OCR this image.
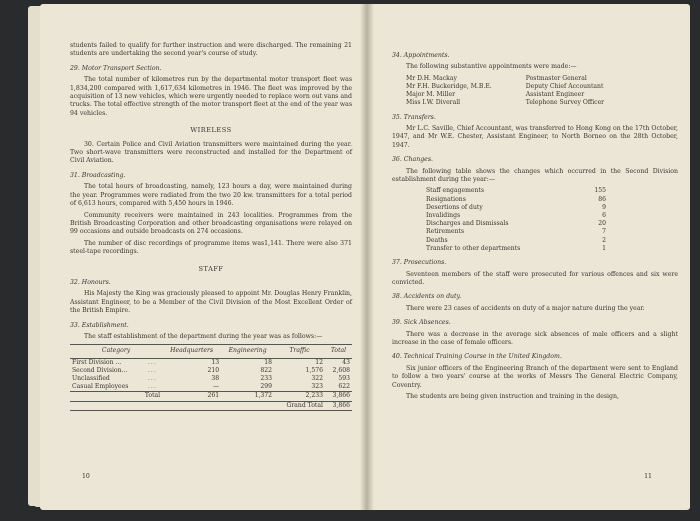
students failed to qualify for further instruction and were discharged. The remaining 21 students are undertaking the second year's course of study.

29. Motor Transport Section.

The total number of kilometres run by the departmental motor transport fleet was 1,834,200 compared with 1,617,634 kilometres in 1946. The fleet was improved by the acquisition of 13 new vehicles, which were urgently needed to replace worn out vans and trucks. The total effective strength of the motor transport fleet at the end of the year was 94 vehicles.

WIRELESS

30. Certain Police and Civil Aviation transmitters were maintained during the year. Two short-wave transmitters were reconstructed and installed for the Department of Civil Aviation.

31. Broadcasting.

The total hours of broadcasting, namely, 123 hours a day, were maintained during the year. Programmes were radiated from the two 20 kw. transmitters for a total period of 6,613 hours, compared with 5,450 hours in 1946.

Community receivers were maintained in 243 localities. Programmes from the British Broadcasting Corporation and other broadcasting organisations were relayed on 99 occasions and outside broadcasts on 274 occasions.

The number of disc recordings of programme items was1,141. There were also 371 steel-tape recordings.

STAFF
32. Honours.

His Majesty the King was graciously pleased to appoint Mr. Douglas Henry Franklin, Assistant Engineer, to be a Member of the Civil Division of the Most Excellent Order of the British Empire.

33. Establishment.

The staff establishment of the department during the year was as follows:—

Category		Headquarters	Engineering	Traffic	Total
First Division ...	...	13	18	12	43
Second Division...	...	210	822	1,576	2,608
Unclassified	...	38	233	322	593
Casual Employees	...	—	299	323	622
Total		261	1,372	2,233	3,866
				Grand Total	3,866
10
34. Appointments.

The following substantive appointments were made:—

Mr D.H. Mackay	Postmaster General
Mr F.H. Buckeridge, M.B.E.	Deputy Chief Accountant
Major M. Miller	Assistant Engineer
Miss I.W. Diverall	Telephone Survey Officer
35. Transfers.

Mr L.C. Saville, Chief Accountant, was transferred to Hong Kong on the 17th October, 1947, and Mr W.E. Chester, Assistant Engineer, to North Borneo on the 28th October, 1947.

36. Changes.

The following table shows the changes which occurred in the Second Division establishment during the year:—

Staff engagements	155
Resignations	86
Desertions of duty	9
Invalidings	6
Discharges and Dismissals	20
Retirements	7
Deaths	2
Transfer to other departments	1
37. Prosecutions.

Seventeen members of the staff were prosecuted for various offences and six were convicted.

38. Accidents on duty.

There were 23 cases of accidents on duty of a major nature during the year.

39. Sick Absences.

There was a decrease in the average sick absences of male officers and a slight increase in the case of female officers.

40. Technical Training Course in the United Kingdom.

Six junior officers of the Engineering Branch of the department were sent to England to follow a two years' course at the works of Messrs The General Electric Company, Coventry.

The students are being given instruction and training in the design,

11
